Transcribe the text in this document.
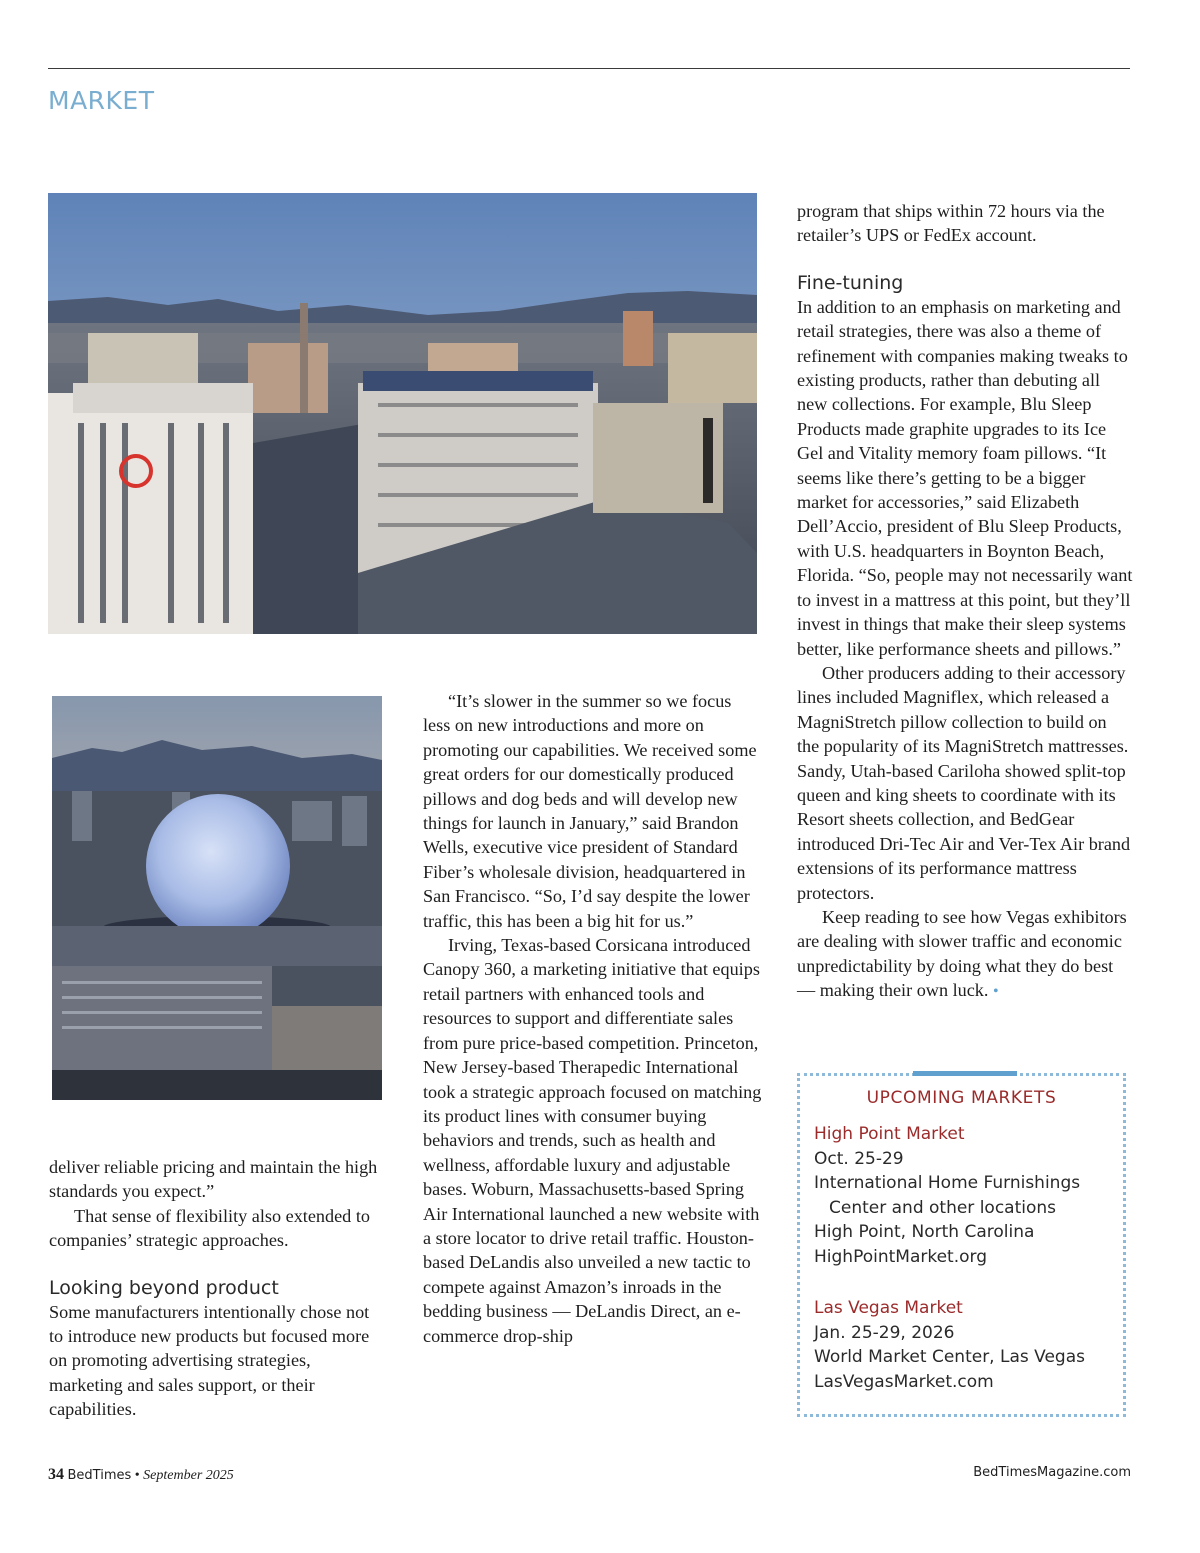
MARKET

deliver reliable pricing and maintain the high standards you expect.”

That sense of flexibility also extended to companies’ strategic approaches.

Looking beyond product

Some manufacturers intentionally chose not to introduce new products but focused more on promoting advertising strategies, marketing and sales support, or their capabilities.

“It’s slower in the summer so we focus less on new introductions and more on promoting our capabilities. We received some great orders for our domestically produced pillows and dog beds and will develop new things for launch in January,” said Brandon Wells, executive vice president of Standard Fiber’s wholesale division, headquartered in San Francisco. “So, I’d say despite the lower traffic, this has been a big hit for us.”

Irving, Texas-based Corsicana introduced Canopy 360, a marketing initiative that equips retail partners with enhanced tools and resources to support and differentiate sales from pure price-based competition. Princeton, New Jersey-based Therapedic International took a strategic approach focused on matching its product lines with consumer buying behaviors and trends, such as health and wellness, affordable luxury and adjustable bases. Woburn, Massachusetts-based Spring Air International launched a new website with a store locator to drive retail traffic. Houston-based DeLandis also unveiled a new tactic to compete against Amazon’s inroads in the bedding business — DeLandis Direct, an e-commerce drop-ship

program that ships within 72 hours via the retailer’s UPS or FedEx account.

Fine-tuning

In addition to an emphasis on marketing and retail strategies, there was also a theme of refinement with companies making tweaks to existing products, rather than debuting all new collections. For example, Blu Sleep Products made graphite upgrades to its Ice Gel and Vitality memory foam pillows. “It seems like there’s getting to be a bigger market for accessories,” said Elizabeth Dell’Accio, president of Blu Sleep Products, with U.S. headquarters in Boynton Beach, Florida. “So, people may not necessarily want to invest in a mattress at this point, but they’ll invest in things that make their sleep systems better, like performance sheets and pillows.”

Other producers adding to their accessory lines included Magniflex, which released a MagniStretch pillow collection to build on the popularity of its MagniStretch mattresses. Sandy, Utah-based Cariloha showed split-top queen and king sheets to coordinate with its Resort sheets collection, and BedGear introduced Dri-Tec Air and Ver-Tex Air brand extensions of its performance mattress protectors.

Keep reading to see how Vegas exhibitors are dealing with slower traffic and economic unpredictability by doing what they do best — making their own luck. •

UPCOMING MARKETS
High Point Market
Oct. 25-29
International Home Furnishings
Center and other locations
High Point, North Carolina
HighPointMarket.org
Las Vegas Market
Jan. 25-29, 2026
World Market Center, Las Vegas
LasVegasMarket.com
34 BedTimes • September 2025	BedTimesMagazine.com
